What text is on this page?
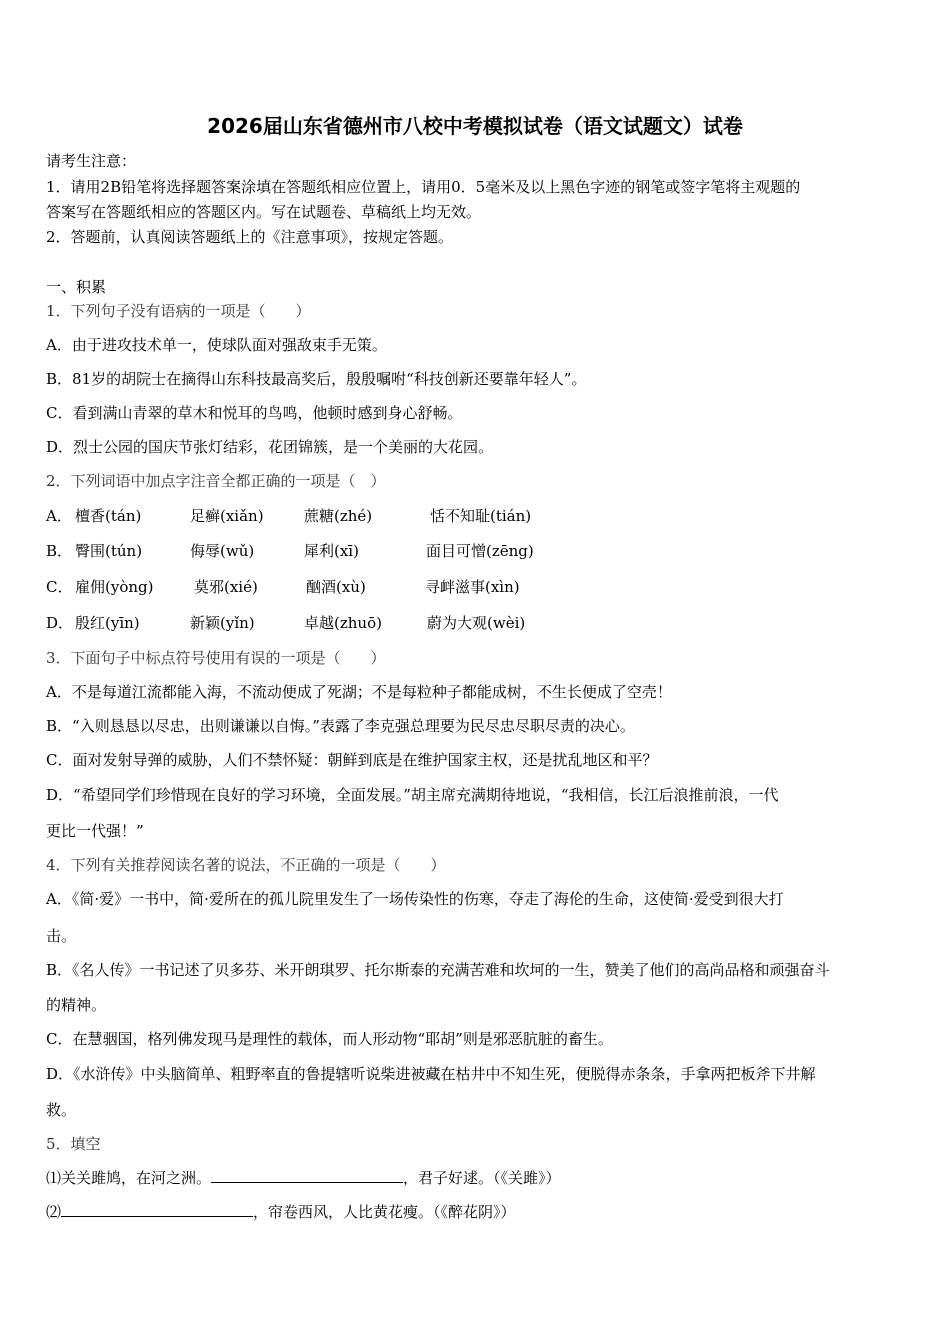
2026届山东省德州市八校中考模拟试卷（语文试题文）试卷
请考生注意：
1．请用2B铅笔将选择题答案涂填在答题纸相应位置上，请用0．5毫米及以上黑色字迹的钢笔或签字笔将主观题的
答案写在答题纸相应的答题区内。写在试题卷、草稿纸上均无效。
2．答题前，认真阅读答题纸上的《注意事项》，按规定答题。
一、积累
1．下列句子没有语病的一项是（　　）
A．由于进攻技术单一，使球队面对强敌束手无策。
B．81岁的胡院士在摘得山东科技最高奖后，殷殷嘱咐“科技创新还要靠年轻人”。
C．看到满山青翠的草木和悦耳的鸟鸣，他顿时感到身心舒畅。
D．烈士公园的国庆节张灯结彩，花团锦簇，是一个美丽的大花园。
2．下列词语中加点字注音全都正确的一项是（　）
A． 檀香(tán)	足癣(xiǎn)	蔗糖(zhé)	恬不知耻(tián)
B． 臀围(tún)	侮辱(wǔ)	犀利(xī)	面目可憎(zēng)
C． 雇佣(yòng)	莫邪(xié)	酗酒(xù)	寻衅滋事(xìn)
D． 殷红(yīn)	新颖(yǐn)	卓越(zhuō)	蔚为大观(wèi)
3．下面句子中标点符号使用有误的一项是（　　）
A．不是每道江流都能入海，不流动便成了死湖；不是每粒种子都能成树，不生长便成了空壳！
B．“入则恳恳以尽忠，出则谦谦以自悔。”表露了李克强总理要为民尽忠尽职尽责的决心。
C．面对发射导弹的威胁，人们不禁怀疑：朝鲜到底是在维护国家主权，还是扰乱地区和平？
D．“希望同学们珍惜现在良好的学习环境，全面发展。”胡主席充满期待地说，“我相信，长江后浪推前浪，一代
更比一代强！”
4．下列有关推荐阅读名著的说法，不正确的一项是（　　）
A．《简·爱》一书中，简·爱所在的孤儿院里发生了一场传染性的伤寒，夺走了海伦的生命，这使简·爱受到很大打
击。
B．《名人传》一书记述了贝多芬、米开朗琪罗、托尔斯泰的充满苦难和坎坷的一生，赞美了他们的高尚品格和顽强奋斗
的精神。
C．在慧骃国，格列佛发现马是理性的载体，而人形动物“耶胡”则是邪恶肮脏的畜生。
D．《水浒传》中头脑简单、粗野率直的鲁提辖听说柴进被藏在枯井中不知生死，便脱得赤条条，手拿两把板斧下井解
救。
5．填空
⑴关关雎鸠，在河之洲。	，君子好逑。（《关雎》）
⑵	，帘卷西风，人比黄花瘦。（《醉花阴》）
